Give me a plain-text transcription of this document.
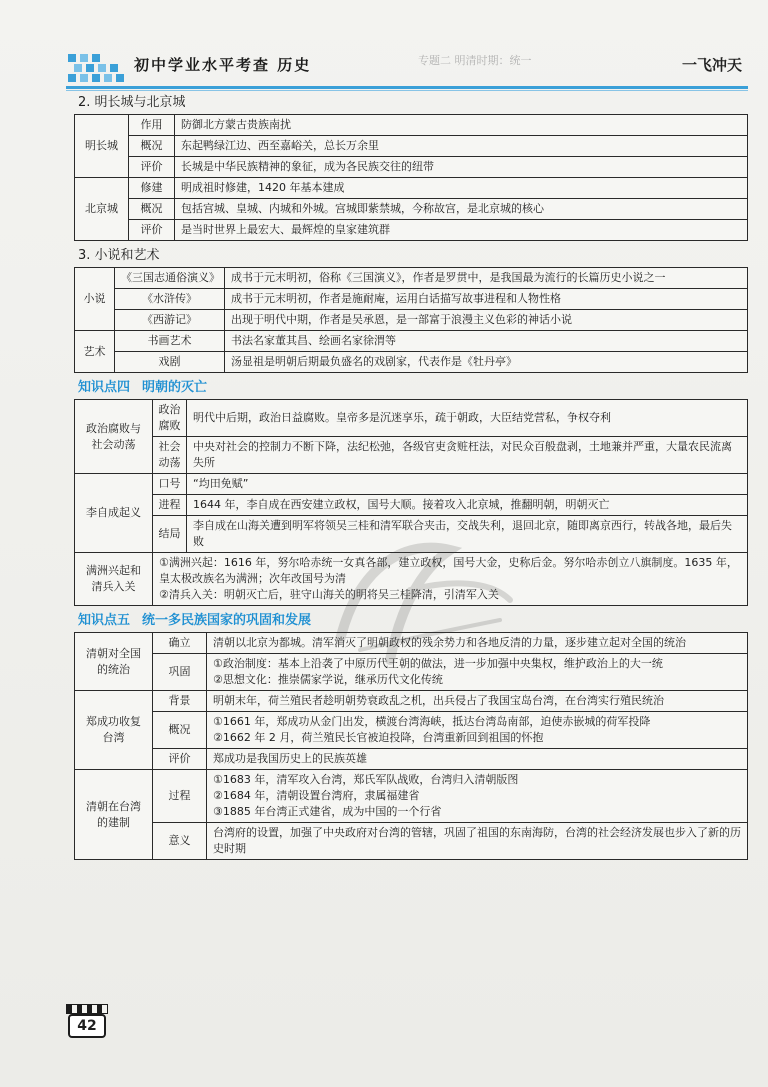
初中学业水平考查 历史	专题二 明清时期：统一	一飞冲天
2. 明长城与北京城
明长城	作用	防御北方蒙古贵族南扰
	概况	东起鸭绿江边、西至嘉峪关，总长万余里
	评价	长城是中华民族精神的象征，成为各民族交往的纽带
北京城	修建	明成祖时修建，1420 年基本建成
	概况	包括宫城、皇城、内城和外城。宫城即紫禁城，今称故宫，是北京城的核心
	评价	是当时世界上最宏大、最辉煌的皇家建筑群
3. 小说和艺术
小说	《三国志通俗演义》	成书于元末明初，俗称《三国演义》，作者是罗贯中，是我国最为流行的长篇历史小说之一
	《水浒传》	成书于元末明初，作者是施耐庵，运用白话描写故事进程和人物性格
	《西游记》	出现于明代中期，作者是吴承恩，是一部富于浪漫主义色彩的神话小说
艺术	书画艺术	书法名家董其昌、绘画名家徐渭等
	戏剧	汤显祖是明朝后期最负盛名的戏剧家，代表作是《牡丹亭》
知识点四 明朝的灭亡
政治腐败与社会动荡	政治腐败	明代中后期，政治日益腐败。皇帝多是沉迷享乐，疏于朝政，大臣结党营私，争权夺利
	社会动荡	中央对社会的控制力不断下降，法纪松弛，各级官吏贪赃枉法，对民众百般盘剥，土地兼并严重，大量农民流离失所
李自成起义	口号	“均田免赋”
	进程	1644 年，李自成在西安建立政权，国号大顺。接着攻入北京城，推翻明朝，明朝灭亡
	结局	李自成在山海关遭到明军将领吴三桂和清军联合夹击，交战失利，退回北京，随即离京西行，转战各地，最后失败
满洲兴起和清兵入关	①满洲兴起：1616 年，努尔哈赤统一女真各部，建立政权，国号大金，史称后金。努尔哈赤创立八旗制度。1635 年，皇太极改族名为满洲；次年改国号为清
②清兵入关：明朝灭亡后，驻守山海关的明将吴三桂降清，引清军入关	
知识点五 统一多民族国家的巩固和发展
清朝对全国的统治	确立	清朝以北京为都城。清军消灭了明朝政权的残余势力和各地反清的力量，逐步建立起对全国的统治

	巩固	①政治制度：基本上沿袭了中原历代王朝的做法，进一步加强中央集权，维护政治上的大一统
②思想文化：推崇儒家学说，继承历代文化传统

郑成功收复台湾	背景	明朝末年，荷兰殖民者趁明朝势衰政乱之机，出兵侵占了我国宝岛台湾，在台湾实行殖民统治

	概况	①1661 年，郑成功从金门出发，横渡台湾海峡，抵达台湾岛南部，迫使赤嵌城的荷军投降
②1662 年 2 月，荷兰殖民长官被迫投降，台湾重新回到祖国的怀抱

	评价	郑成功是我国历史上的民族英雄

清朝在台湾的建制	过程	①1683 年，清军攻入台湾，郑氏军队战败，台湾归入清朝版图
②1684 年，清朝设置台湾府，隶属福建省
③1885 年台湾正式建省，成为中国的一个行省

	意义	台湾府的设置，加强了中央政府对台湾的管辖，巩固了祖国的东南海防，台湾的社会经济发展也步入了新的历史时期
42
